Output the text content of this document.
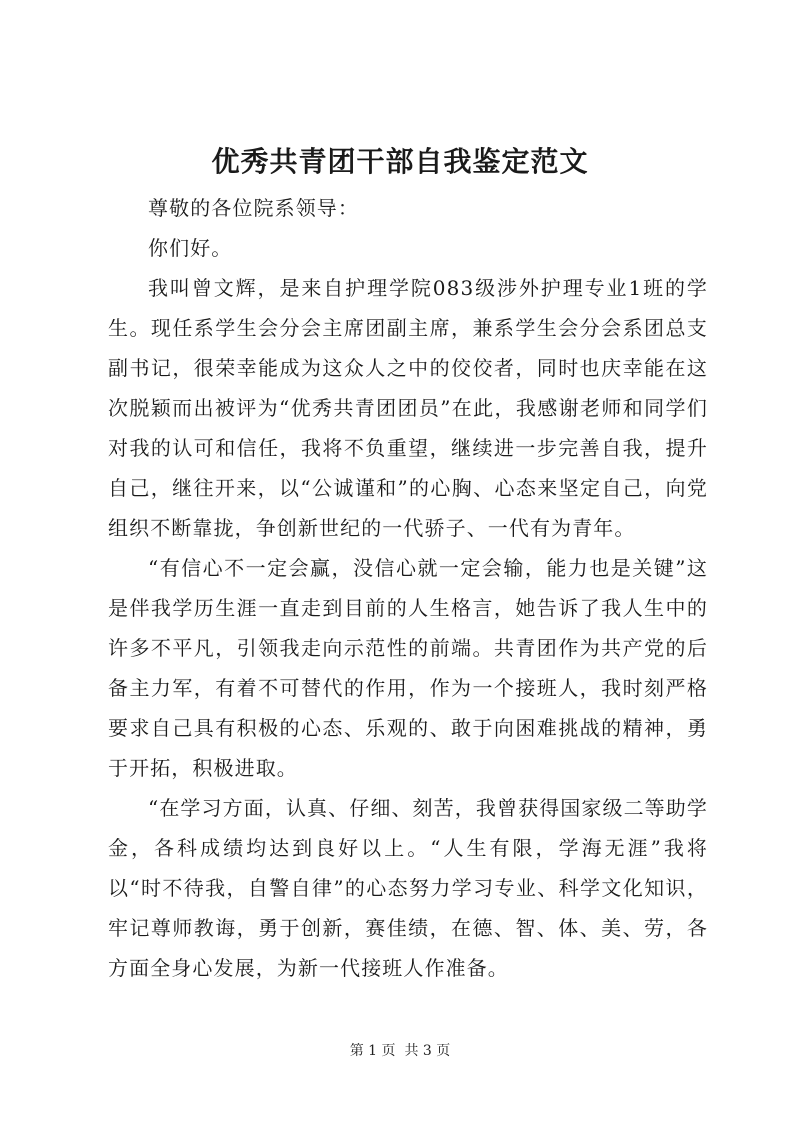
优秀共青团干部自我鉴定范文

尊敬的各位院系领导：

你们好。

我叫曾文辉，是来自护理学院083级涉外护理专业1班的学生。现任系学生会分会主席团副主席，兼系学生会分会系团总支副书记，很荣幸能成为这众人之中的佼佼者，同时也庆幸能在这次脱颖而出被评为“优秀共青团团员”在此，我感谢老师和同学们对我的认可和信任，我将不负重望，继续进一步完善自我，提升自己，继往开来，以“公诚谨和”的心胸、心态来坚定自己，向党组织不断靠拢，争创新世纪的一代骄子、一代有为青年。

“有信心不一定会赢，没信心就一定会输，能力也是关键”这是伴我学历生涯一直走到目前的人生格言，她告诉了我人生中的许多不平凡，引领我走向示范性的前端。共青团作为共产党的后备主力军，有着不可替代的作用，作为一个接班人，我时刻严格要求自己具有积极的心态、乐观的、敢于向困难挑战的精神，勇于开拓，积极进取。

“在学习方面，认真、仔细、刻苦，我曾获得国家级二等助学金，各科成绩均达到良好以上。“人生有限，学海无涯”我将以“时不待我，自警自律”的心态努力学习专业、科学文化知识，牢记尊师教诲，勇于创新，赛佳绩，在德、智、体、美、劳，各方面全身心发展，为新一代接班人作准备。

第 1 页  共 3 页
